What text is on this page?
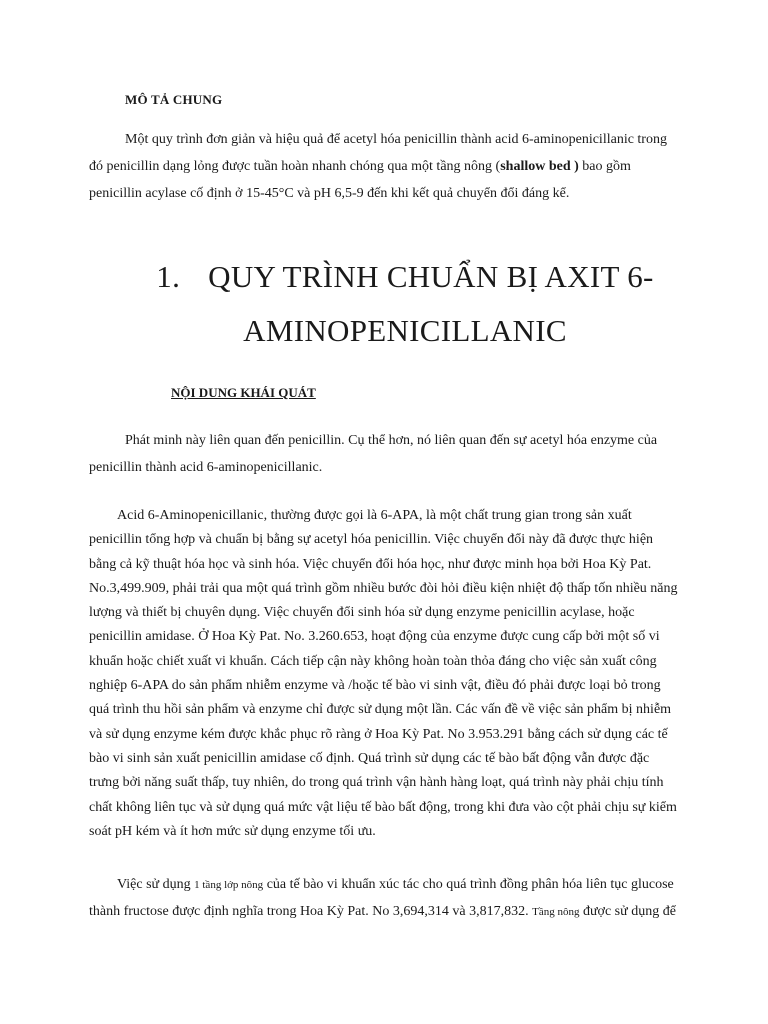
MÔ TẢ CHUNG

Một quy trình đơn giản và hiệu quả để acetyl hóa penicillin thành acid 6-aminopenicillanic trong đó penicillin dạng lỏng được tuần hoàn nhanh chóng qua một tầng nông (shallow bed ) bao gồm penicillin acylase cố định ở 15-45°C và pH 6,5-9 đến khi kết quả chuyển đổi đáng kể.

1. QUY TRÌNH CHUẨN BỊ AXIT 6-
AMINOPENICILLANIC

NỘI DUNG KHÁI QUÁT

Phát minh này liên quan đến penicillin. Cụ thể hơn, nó liên quan đến sự acetyl hóa enzyme của penicillin thành acid 6-aminopenicillanic.

Acid 6-Aminopenicillanic, thường được gọi là 6-APA, là một chất trung gian trong sản xuất penicillin tổng hợp và chuẩn bị bằng sự acetyl hóa penicillin. Việc chuyển đổi này đã được thực hiện bằng cả kỹ thuật hóa học và sinh hóa. Việc chuyển đổi hóa học, như được minh họa bởi Hoa Kỳ Pat. No.3,499.909, phải trải qua một quá trình gồm nhiều bước đòi hỏi điều kiện nhiệt độ thấp tốn nhiều năng lượng và thiết bị chuyên dụng. Việc chuyển đổi sinh hóa sử dụng enzyme penicillin acylase, hoặc penicillin amidase. Ở Hoa Kỳ Pat. No. 3.260.653, hoạt động của enzyme được cung cấp bởi một số vi khuẩn hoặc chiết xuất vi khuẩn. Cách tiếp cận này không hoàn toàn thỏa đáng cho việc sản xuất công nghiệp 6-APA do sản phẩm nhiễm enzyme và /hoặc tế bào vi sinh vật, điều đó phải được loại bỏ trong quá trình thu hồi sản phẩm và enzyme chỉ được sử dụng một lần. Các vấn đề về việc sản phẩm bị nhiễm và sử dụng enzyme kém được khắc phục rõ ràng ở Hoa Kỳ Pat. No 3.953.291 bằng cách sử dụng các tế bào vi sinh sản xuất penicillin amidase cố định. Quá trình sử dụng các tế bào bất động vẫn được đặc trưng bởi năng suất thấp, tuy nhiên, do trong quá trình vận hành hàng loạt, quá trình này phải chịu tính chất không liên tục và sử dụng quá mức vật liệu tế bào bất động, trong khi đưa vào cột phải chịu sự kiểm soát pH kém và ít hơn mức sử dụng enzyme tối ưu.

Việc sử dụng 1 tầng lớp nông của tế bào vi khuẩn xúc tác cho quá trình đồng phân hóa liên tục glucose thành fructose được định nghĩa trong Hoa Kỳ Pat. No 3,694,314 và 3,817,832. Tầng nông được sử dụng để
